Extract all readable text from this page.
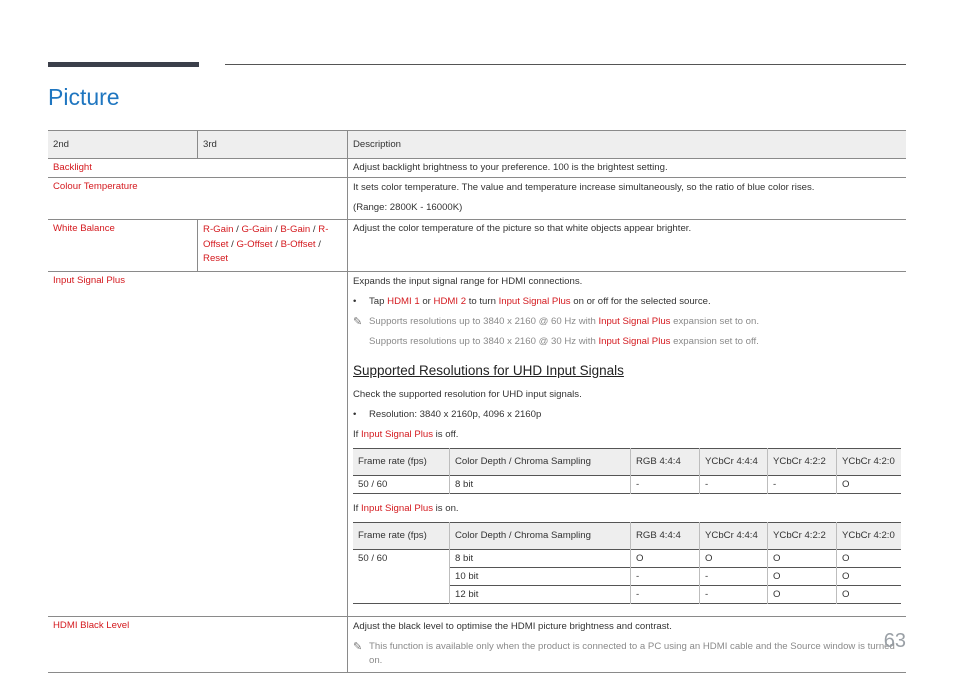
Picture
2nd	3rd	Description
Backlight	Adjust backlight brightness to your preference. 100 is the brightest setting.
Colour Temperature	It sets color temperature. The value and temperature increase simultaneously, so the ratio of blue color rises.

(Range: 2800K - 16000K)

White Balance	R-Gain / G-Gain / B-Gain / R-Offset / G-Offset / B-Offset / Reset	Adjust the color temperature of the picture so that white objects appear brighter.
Input Signal Plus	Expands the input signal range for HDMI connections.

• Tap HDMI 1 or HDMI 2 to turn Input Signal Plus on or off for the selected source.

✎ Supports resolutions up to 3840 x 2160 @ 60 Hz with Input Signal Plus expansion set to on.

Supports resolutions up to 3840 x 2160 @ 30 Hz with Input Signal Plus expansion set to off.

Supported Resolutions for UHD Input Signals

Check the supported resolution for UHD input signals.

• Resolution: 3840 x 2160p, 4096 x 2160p

If Input Signal Plus is off.

Frame rate (fps)	Color Depth / Chroma Sampling	RGB 4:4:4	YCbCr 4:4:4	YCbCr 4:2:2	YCbCr 4:2:0
50 / 60	8 bit	-	-	-	O

If Input Signal Plus is on.

Frame rate (fps)	Color Depth / Chroma Sampling	RGB 4:4:4	YCbCr 4:4:4	YCbCr 4:2:2	YCbCr 4:2:0
50 / 60	8 bit	O	O	O	O
10 bit	-	-	O	O
12 bit	-	-	O	O

HDMI Black Level	Adjust the black level to optimise the HDMI picture brightness and contrast.

✎ This function is available only when the product is connected to a PC using an HDMI cable and the Source window is turned on.

63
